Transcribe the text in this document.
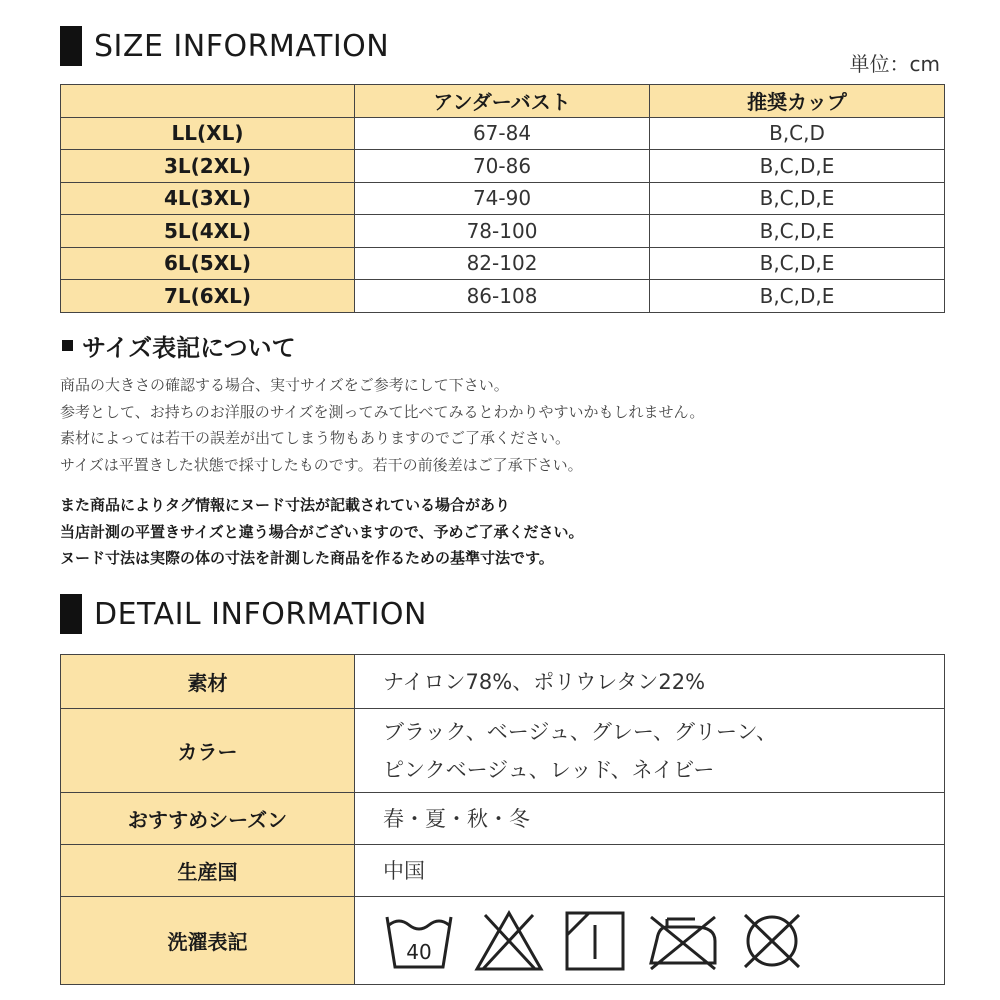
SIZE INFORMATION
単位：cm
	アンダーバスト	推奨カップ
LL(XL)	67-84	B,C,D
3L(2XL)	70-86	B,C,D,E
4L(3XL)	74-90	B,C,D,E
5L(4XL)	78-100	B,C,D,E
6L(5XL)	82-102	B,C,D,E
7L(6XL)	86-108	B,C,D,E
サイズ表記について
商品の大きさの確認する場合、実寸サイズをご参考にして下さい。
参考として、お持ちのお洋服のサイズを測ってみて比べてみるとわかりやすいかもしれません。
素材によっては若干の誤差が出てしまう物もありますのでご了承ください。
サイズは平置きした状態で採寸したものです。若干の前後差はご了承下さい。
また商品によりタグ情報にヌード寸法が記載されている場合があり
当店計測の平置きサイズと違う場合がございますので、予めご了承ください。
ヌード寸法は実際の体の寸法を計測した商品を作るための基準寸法です。
DETAIL INFORMATION
素材	ナイロン78%、ポリウレタン22%
カラー	ブラック、ベージュ、グレー、グリーン、
ピンクベージュ、レッド、ネイビー

おすすめシーズン	春・夏・秋・冬
生産国	中国
洗濯表記	40
